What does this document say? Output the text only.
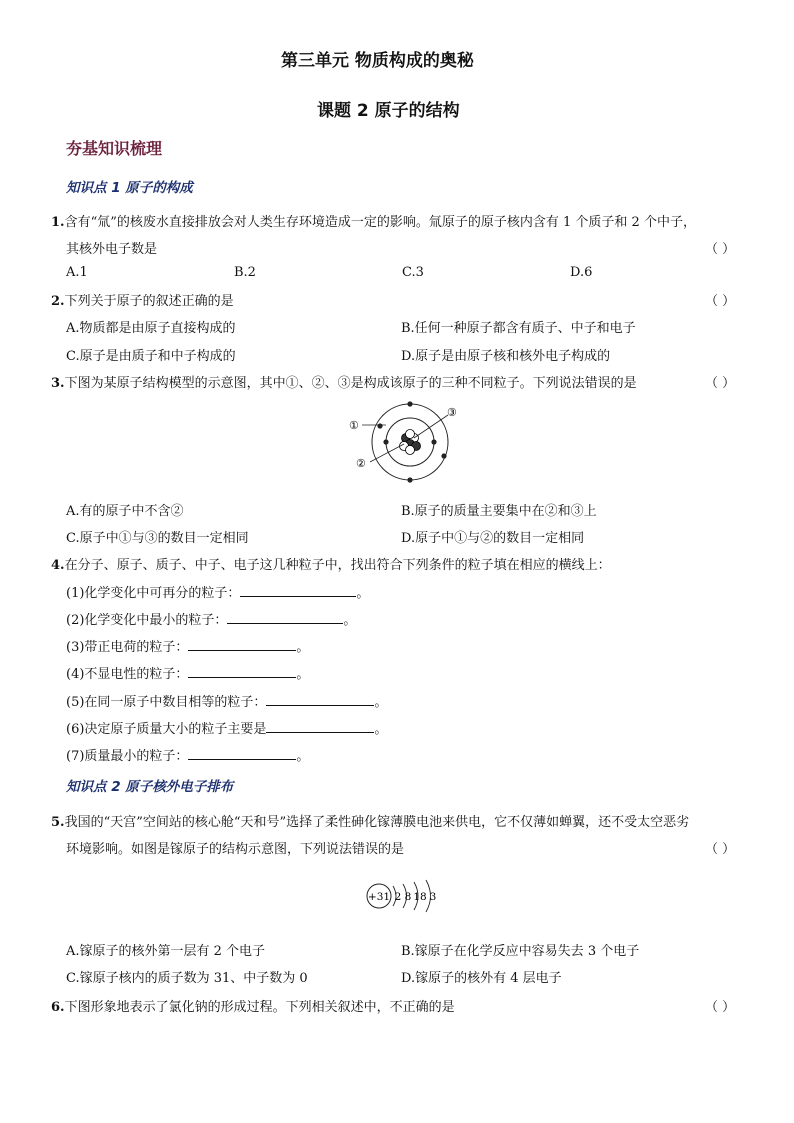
第三单元 物质构成的奥秘
课题 2 原子的结构
夯基知识梳理
知识点 1 原子的构成
1.含有“氚”的核废水直接排放会对人类生存环境造成一定的影响。氚原子的原子核内含有 1 个质子和 2 个中子，
其核外电子数是	（ ）
A.1	B.2	C.3	D.6
2.下列关于原子的叙述正确的是	（ ）
A.物质都是由原子直接构成的	B.任何一种原子都含有质子、中子和电子
C.原子是由质子和中子构成的	D.原子是由原子核和核外电子构成的
3.下图为某原子结构模型的示意图，其中①、②、③是构成该原子的三种不同粒子。下列说法错误的是	（ ）
①
②
③
A.有的原子中不含②	B.原子的质量主要集中在②和③上
C.原子中①与③的数目一定相同	D.原子中①与②的数目一定相同
4.在分子、原子、质子、中子、电子这几种粒子中，找出符合下列条件的粒子填在相应的横线上：
(1)化学变化中可再分的粒子：	。
(2)化学变化中最小的粒子：	。
(3)带正电荷的粒子：	。
(4)不显电性的粒子：	。
(5)在同一原子中数目相等的粒子：	。
(6)决定原子质量大小的粒子主要是	。
(7)质量最小的粒子：	。
知识点 2 原子核外电子排布
5.我国的“天宫”空间站的核心舱“天和号”选择了柔性砷化镓薄膜电池来供电，它不仅薄如蝉翼，还不受太空恶劣
环境影响。如图是镓原子的结构示意图，下列说法错误的是	（ ）
+31 2 8 18 3
A.镓原子的核外第一层有 2 个电子	B.镓原子在化学反应中容易失去 3 个电子
C.镓原子核内的质子数为 31、中子数为 0	D.镓原子的核外有 4 层电子
6.下图形象地表示了氯化钠的形成过程。下列相关叙述中，不正确的是	（ ）
